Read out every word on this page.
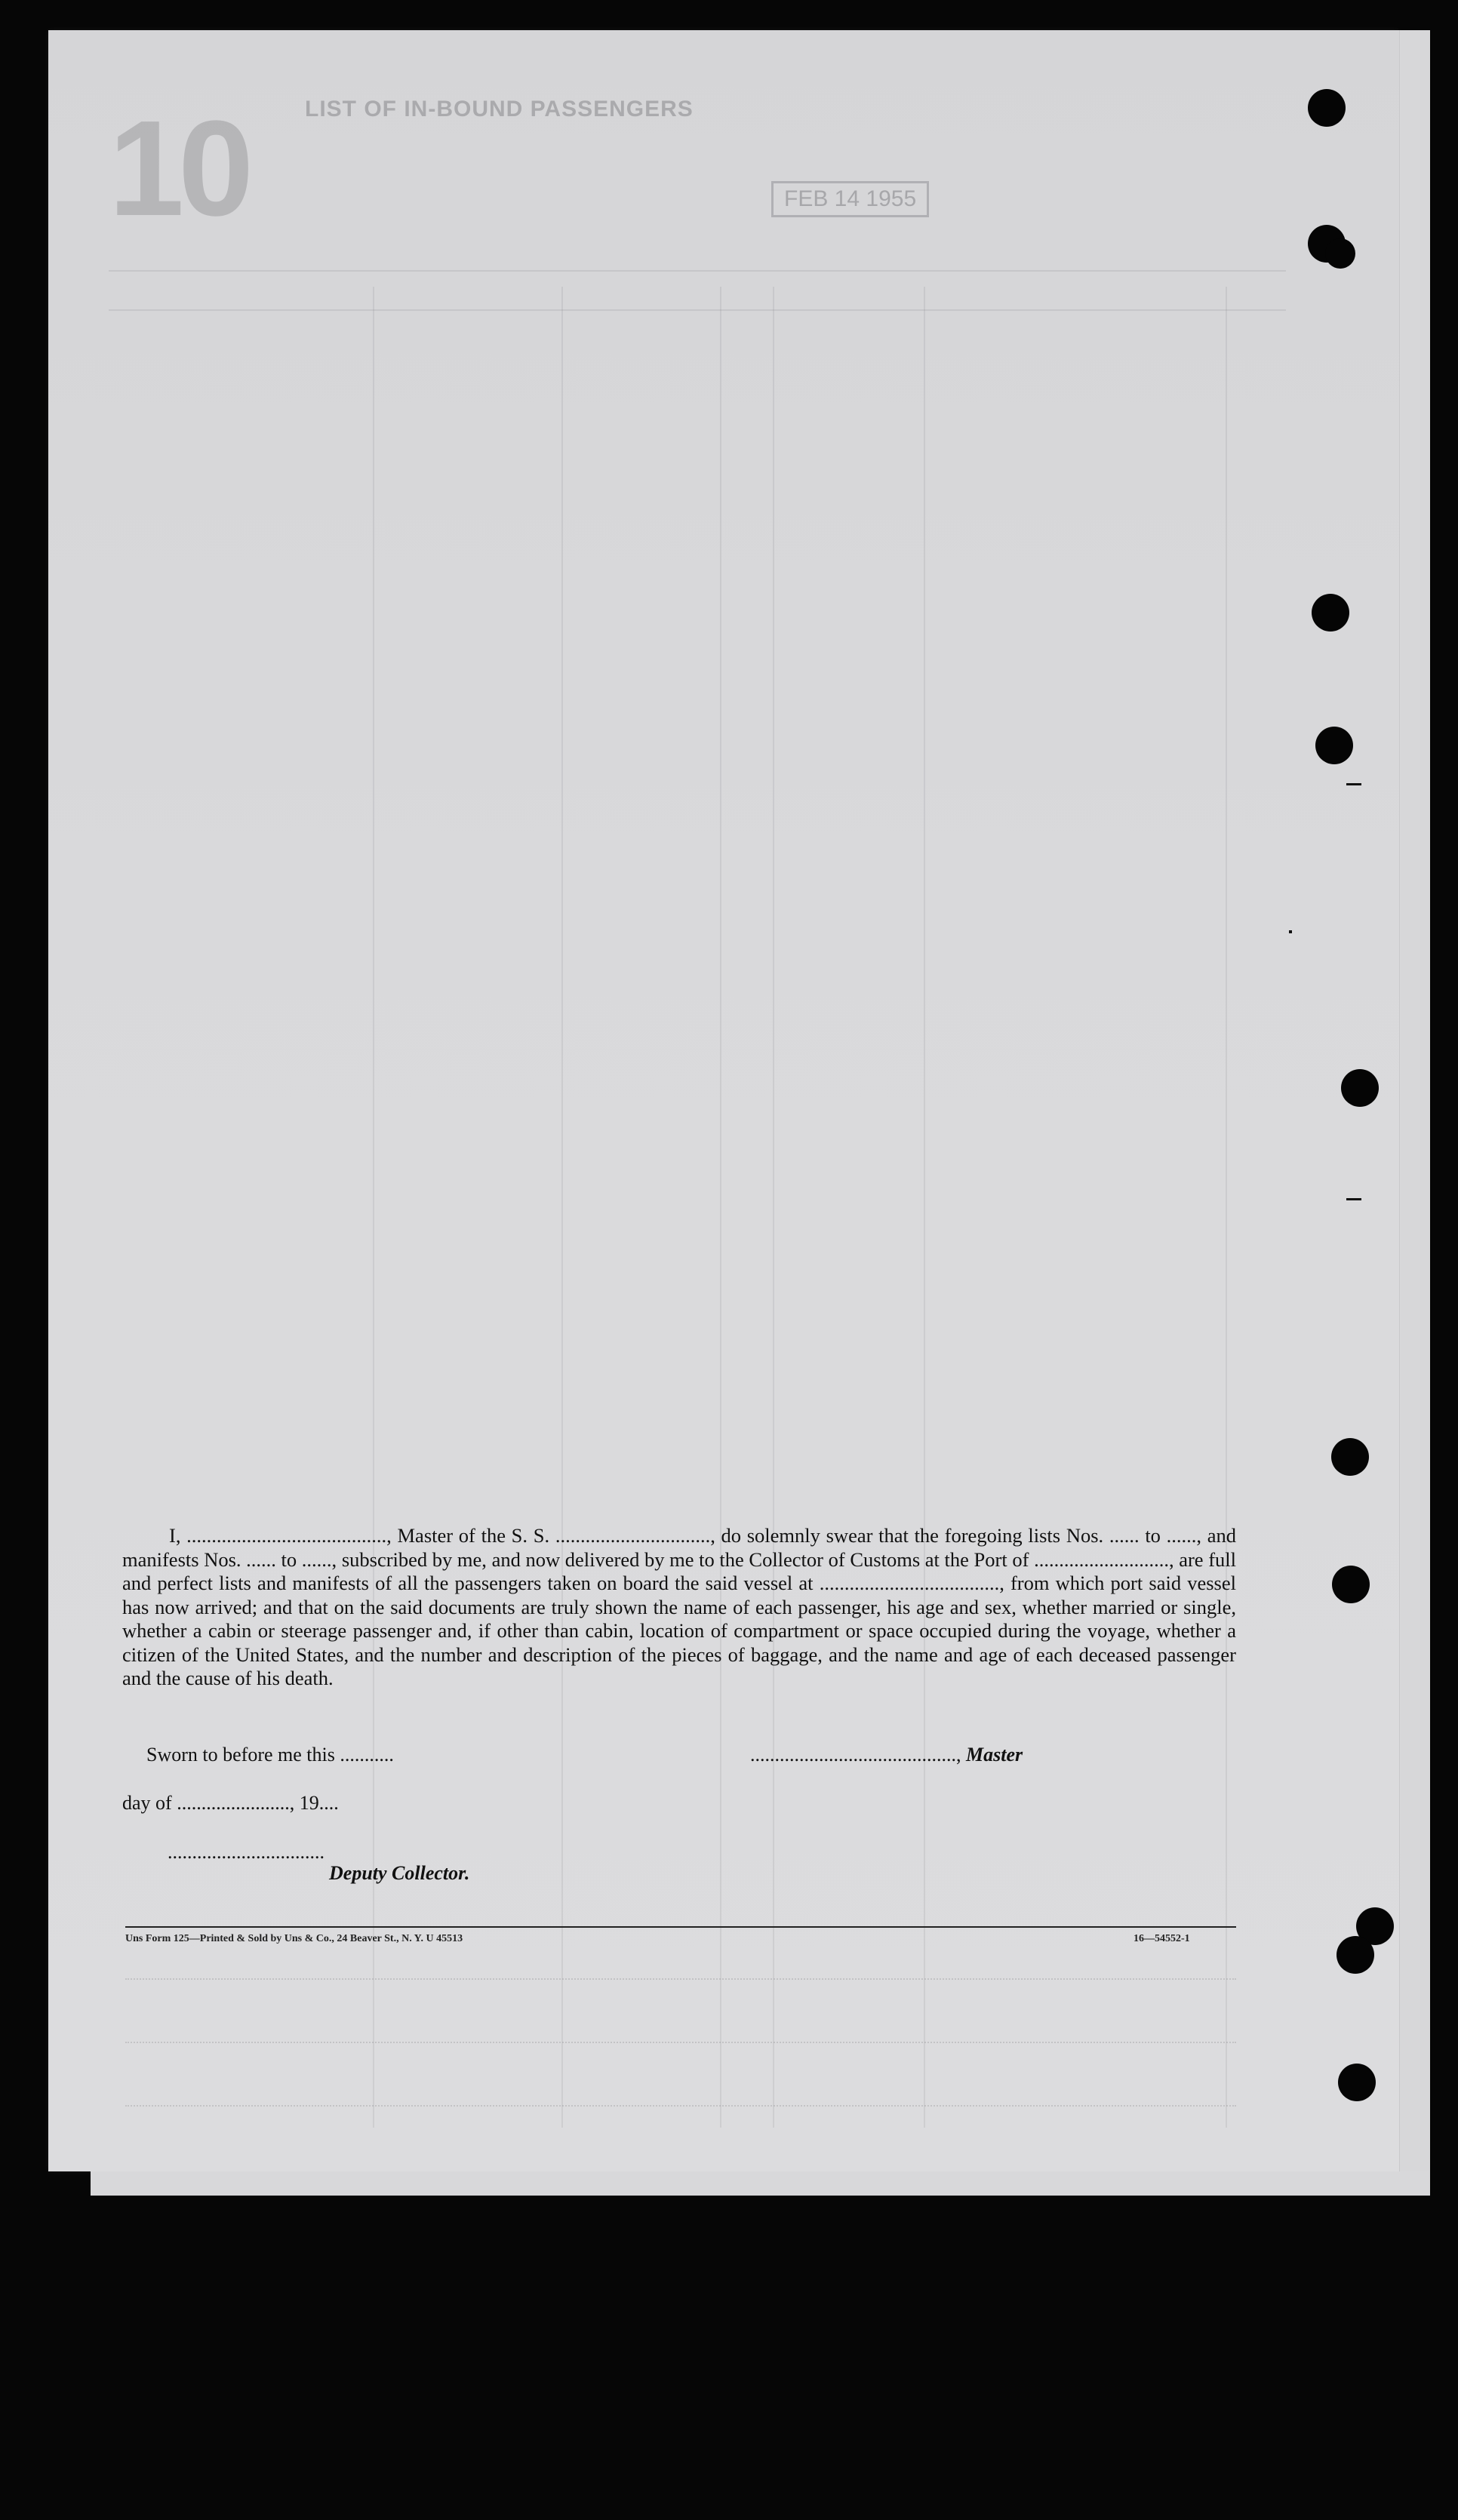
10	LIST OF IN-BOUND PASSENGERS
FEB 14 1955

I, ........................................, Master of the S. S. ..............................., do solemnly swear that the foregoing lists Nos. ...... to ......, and manifests Nos. ...... to ......, subscribed by me, and now delivered by me to the Collector of Customs at the Port of ..........................., are full and perfect lists and manifests of all the passengers taken on board the said vessel at ...................................., from which port said vessel has now arrived; and that on the said documents are truly shown the name of each passenger, his age and sex, whether married or single, whether a cabin or steerage passenger and, if other than cabin, location of compartment or space occupied during the voyage, whether a citizen of the United States, and the number and description of the pieces of baggage, and the name and age of each deceased passenger and the cause of his death.

Sworn to before me this ...........	.........................................., Master
day of ......................., 19....
................................
Deputy Collector.
Uns Form 125—Printed & Sold by Uns & Co., 24 Beaver St., N. Y. U 45513	16—54552-1
